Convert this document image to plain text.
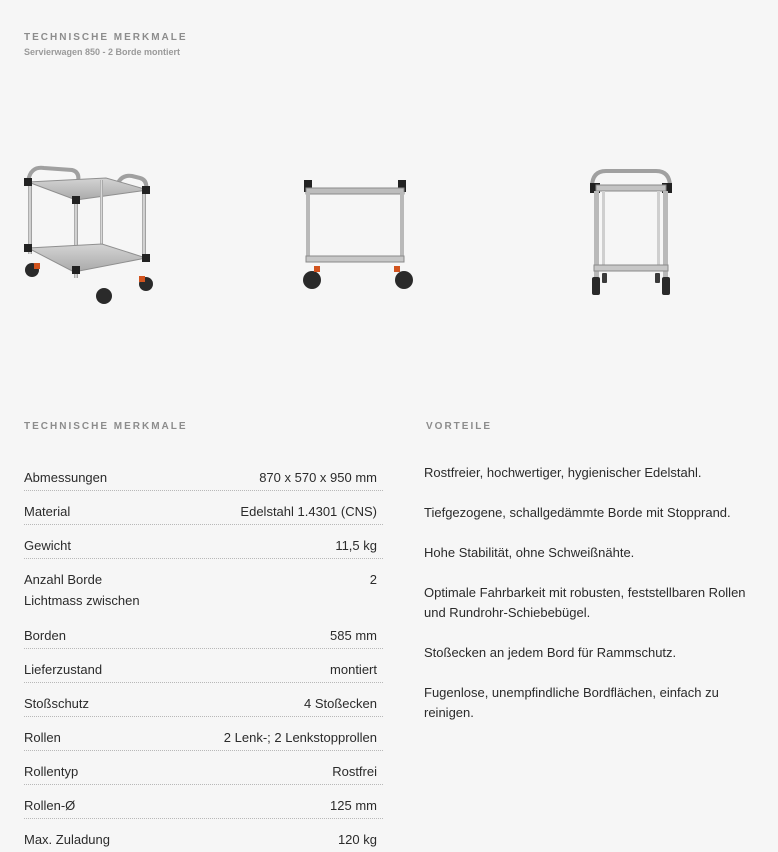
TECHNISCHE MERKMALE
Servierwagen 850 - 2 Borde montiert
TECHNISCHE MERKMALE	VORTEILE
Abmessungen	870 x 570 x 950 mm
Material	Edelstahl 1.4301 (CNS)
Gewicht	11,5 kg
Anzahl Borde	2
Lichtmass zwischen
Borden	585 mm
Lieferzustand	montiert
Stoßschutz	4 Stoßecken
Rollen	2 Lenk-; 2 Lenkstopprollen
Rollentyp	Rostfrei
Rollen-Ø	125 mm
Max. Zuladung	120 kg

Rostfreier, hochwertiger, hygienischer Edelstahl.

Tiefgezogene, schallgedämmte Borde mit Stopprand.

Hohe Stabilität, ohne Schweißnähte.

Optimale Fahrbarkeit mit robusten, feststellbaren Rollen und Rundrohr-Schiebebügel.

Stoßecken an jedem Bord für Rammschutz.

Fugenlose, unempfindliche Bordflächen, einfach zu reinigen.
